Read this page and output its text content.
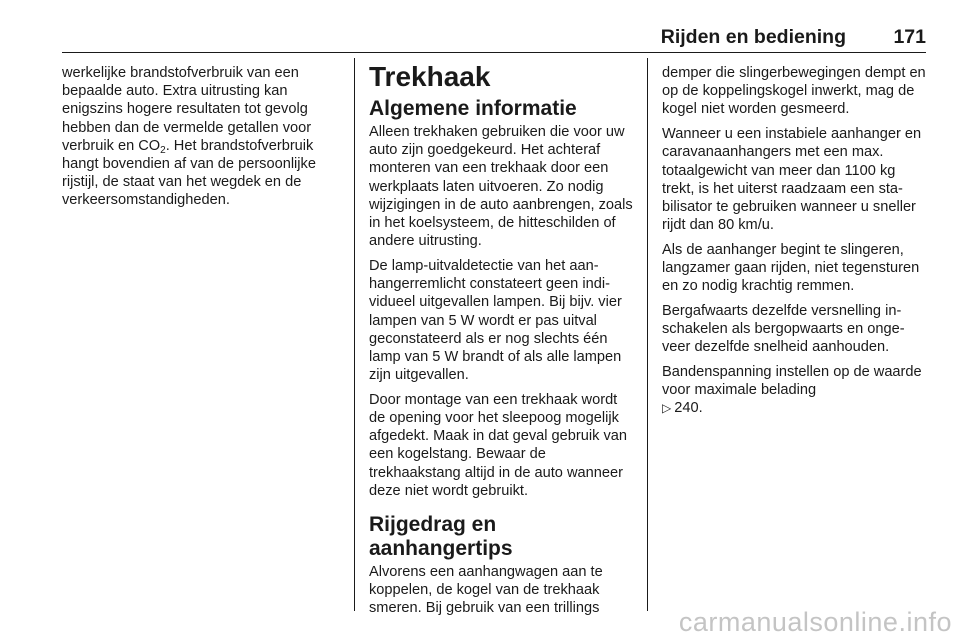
Rijden en bediening 171

werkelijke brandstofverbruik van een bepaalde auto. Extra uitrusting kan enigszins hogere resultaten tot gevolg hebben dan de vermelde getallen voor verbruik en $CO_2$. Het brandstofverbruik hangt bovendien af van de persoonlijke rijstijl, de staat van het wegdek en de verkeersomstandigheden.

Trekhaak
Algemene informatie

Alleen trekhaken gebruiken die voor uw auto zijn goedgekeurd. Het achteraf monteren van een trekhaak door een werkplaats laten uitvoeren. Zo nodig wijzigingen in de auto aanbrengen, zoals in het koelsysteem, de hitteschilden of andere uitrusting.

De lamp-uitvaldetectie van het aanhangerremlicht constateert geen individueel uitgevallen lampen. Bij bijv. vier lampen van 5 W wordt er pas uitval geconstateerd als er nog slechts één lamp van 5 W brandt of als alle lampen zijn uitgevallen.

Door montage van een trekhaak wordt de opening voor het sleepoog mogelijk afgedekt. Maak in dat geval gebruik van een kogelstang. Bewaar de trekhaakstang altijd in de auto wanneer deze niet wordt gebruikt.

Rijgedrag en aanhangertips

Alvorens een aanhangwagen aan te koppelen, de kogel van de trekhaak smeren. Bij gebruik van een trillings

demper die slingerbewegingen dempt en op de koppelingskogel inwerkt, mag de kogel niet worden gesmeerd.

Wanneer u een instabiele aanhanger en caravanaanhangers met een max. totaalgewicht van meer dan 1100 kg trekt, is het uiterst raadzaam een stabilisator te gebruiken wanneer u sneller rijdt dan 80 km/u.

Als de aanhanger begint te slingeren, langzamer gaan rijden, niet tegensturen en zo nodig krachtig remmen.

Bergafwaarts dezelfde versnelling inschakelen als bergopwaarts en ongeveer dezelfde snelheid aanhouden.

Bandenspanning instellen op de waarde voor maximale belading
▷ 240.

carmanualsonline.info
